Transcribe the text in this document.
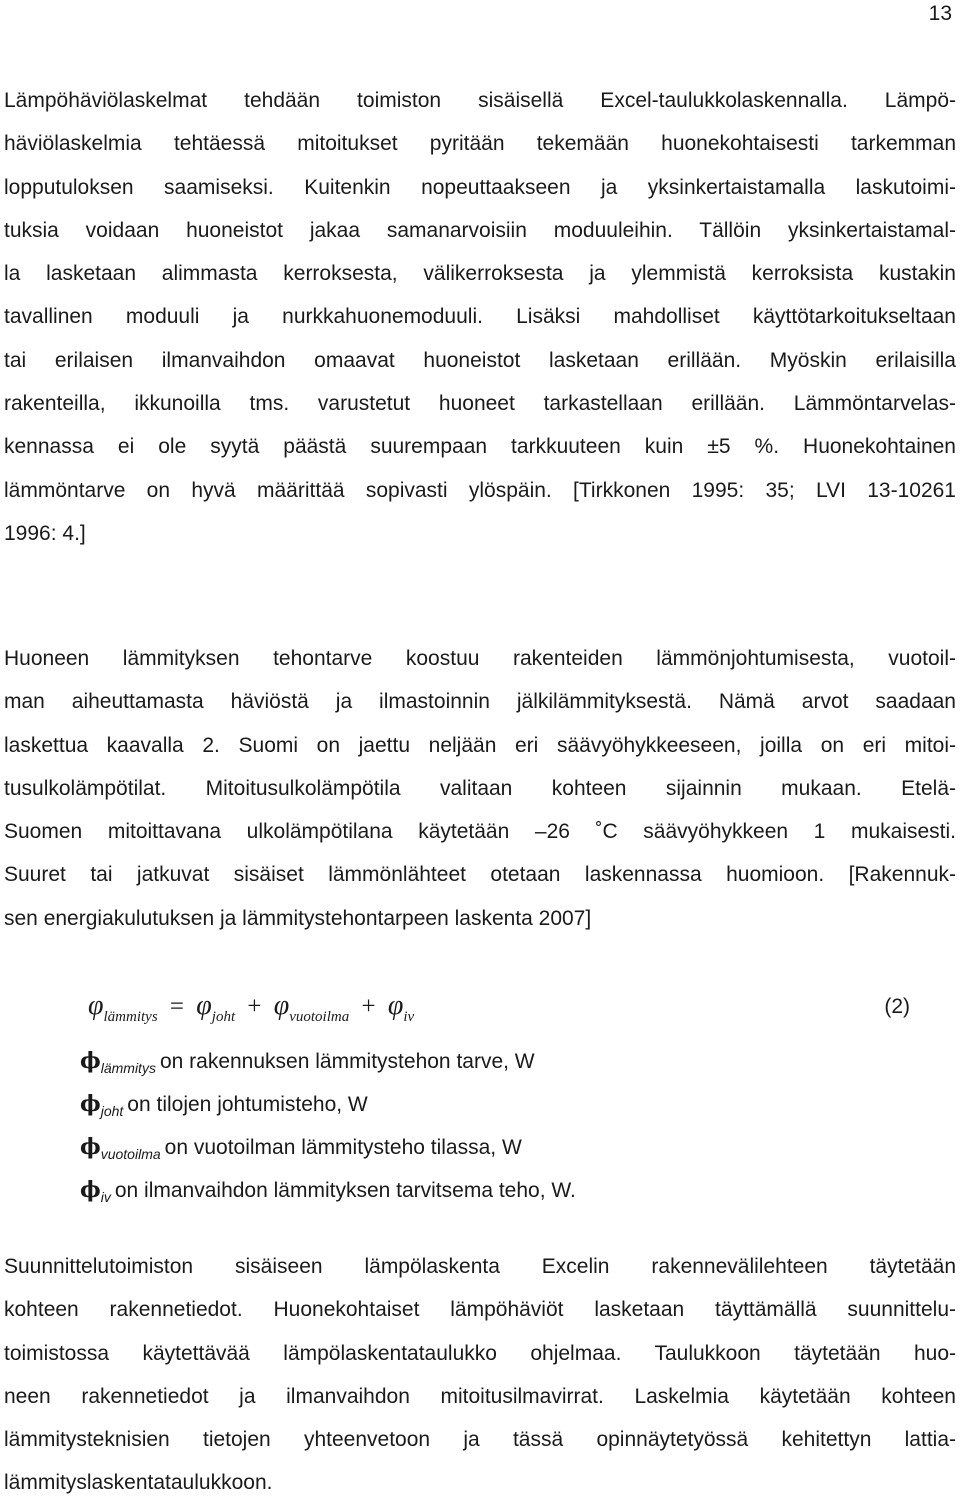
13
Lämpöhäviölaskelmat tehdään toimiston sisäisellä Excel-taulukkolaskennalla. Lämpö-
häviölaskelmia tehtäessä mitoitukset pyritään tekemään huonekohtaisesti tarkemman
lopputuloksen saamiseksi. Kuitenkin nopeuttaakseen ja yksinkertaistamalla laskutoimi-
tuksia voidaan huoneistot jakaa samanarvoisiin moduuleihin. Tällöin yksinkertaistamal-
la lasketaan alimmasta kerroksesta, välikerroksesta ja ylemmistä kerroksista kustakin
tavallinen moduuli ja nurkkahuonemoduuli. Lisäksi mahdolliset käyttötarkoitukseltaan
tai erilaisen ilmanvaihdon omaavat huoneistot lasketaan erillään. Myöskin erilaisilla
rakenteilla, ikkunoilla tms. varustetut huoneet tarkastellaan erillään. Lämmöntarvelas-
kennassa ei ole syytä päästä suurempaan tarkkuuteen kuin ±5 %. Huonekohtainen
lämmöntarve on hyvä määrittää sopivasti ylöspäin. [Tirkkonen 1995: 35; LVI 13-10261
1996: 4.]
Huoneen lämmityksen tehontarve koostuu rakenteiden lämmönjohtumisesta, vuotoil-
man aiheuttamasta häviöstä ja ilmastoinnin jälkilämmityksestä. Nämä arvot saadaan
laskettua kaavalla 2. Suomi on jaettu neljään eri säävyöhykkeeseen, joilla on eri mitoi-
tusulkolämpötilat. Mitoitusulkolämpötila valitaan kohteen sijainnin mukaan. Etelä-
Suomen mitoittavana ulkolämpötilana käytetään –26 ˚C säävyöhykkeen 1 mukaisesti.
Suuret tai jatkuvat sisäiset lämmönlähteet otetaan laskennassa huomioon. [Rakennuk-
sen energiakulutuksen ja lämmitystehontarpeen laskenta 2007]
$\varphi_{lämmitys} = \varphi_{joht} + \varphi_{vuotoilma} + \varphi_{iv}$	(2)
$\phi_{lämmitys}$ on rakennuksen lämmitystehon tarve, W
$\phi_{joht}$ on tilojen johtumisteho, W
$\phi_{vuotoilma}$ on vuotoilman lämmitysteho tilassa, W
$\phi_{iv}$ on ilmanvaihdon lämmityksen tarvitsema teho, W.
Suunnittelutoimiston sisäiseen lämpölaskenta Excelin rakennevälilehteen täytetään
kohteen rakennetiedot. Huonekohtaiset lämpöhäviöt lasketaan täyttämällä suunnittelu-
toimistossa käytettävää lämpölaskentataulukko ohjelmaa. Taulukkoon täytetään huo-
neen rakennetiedot ja ilmanvaihdon mitoitusilmavirrat. Laskelmia käytetään kohteen
lämmitysteknisien tietojen yhteenvetoon ja tässä opinnäytetyössä kehitettyn lattia-
lämmityslaskentataulukkoon.
